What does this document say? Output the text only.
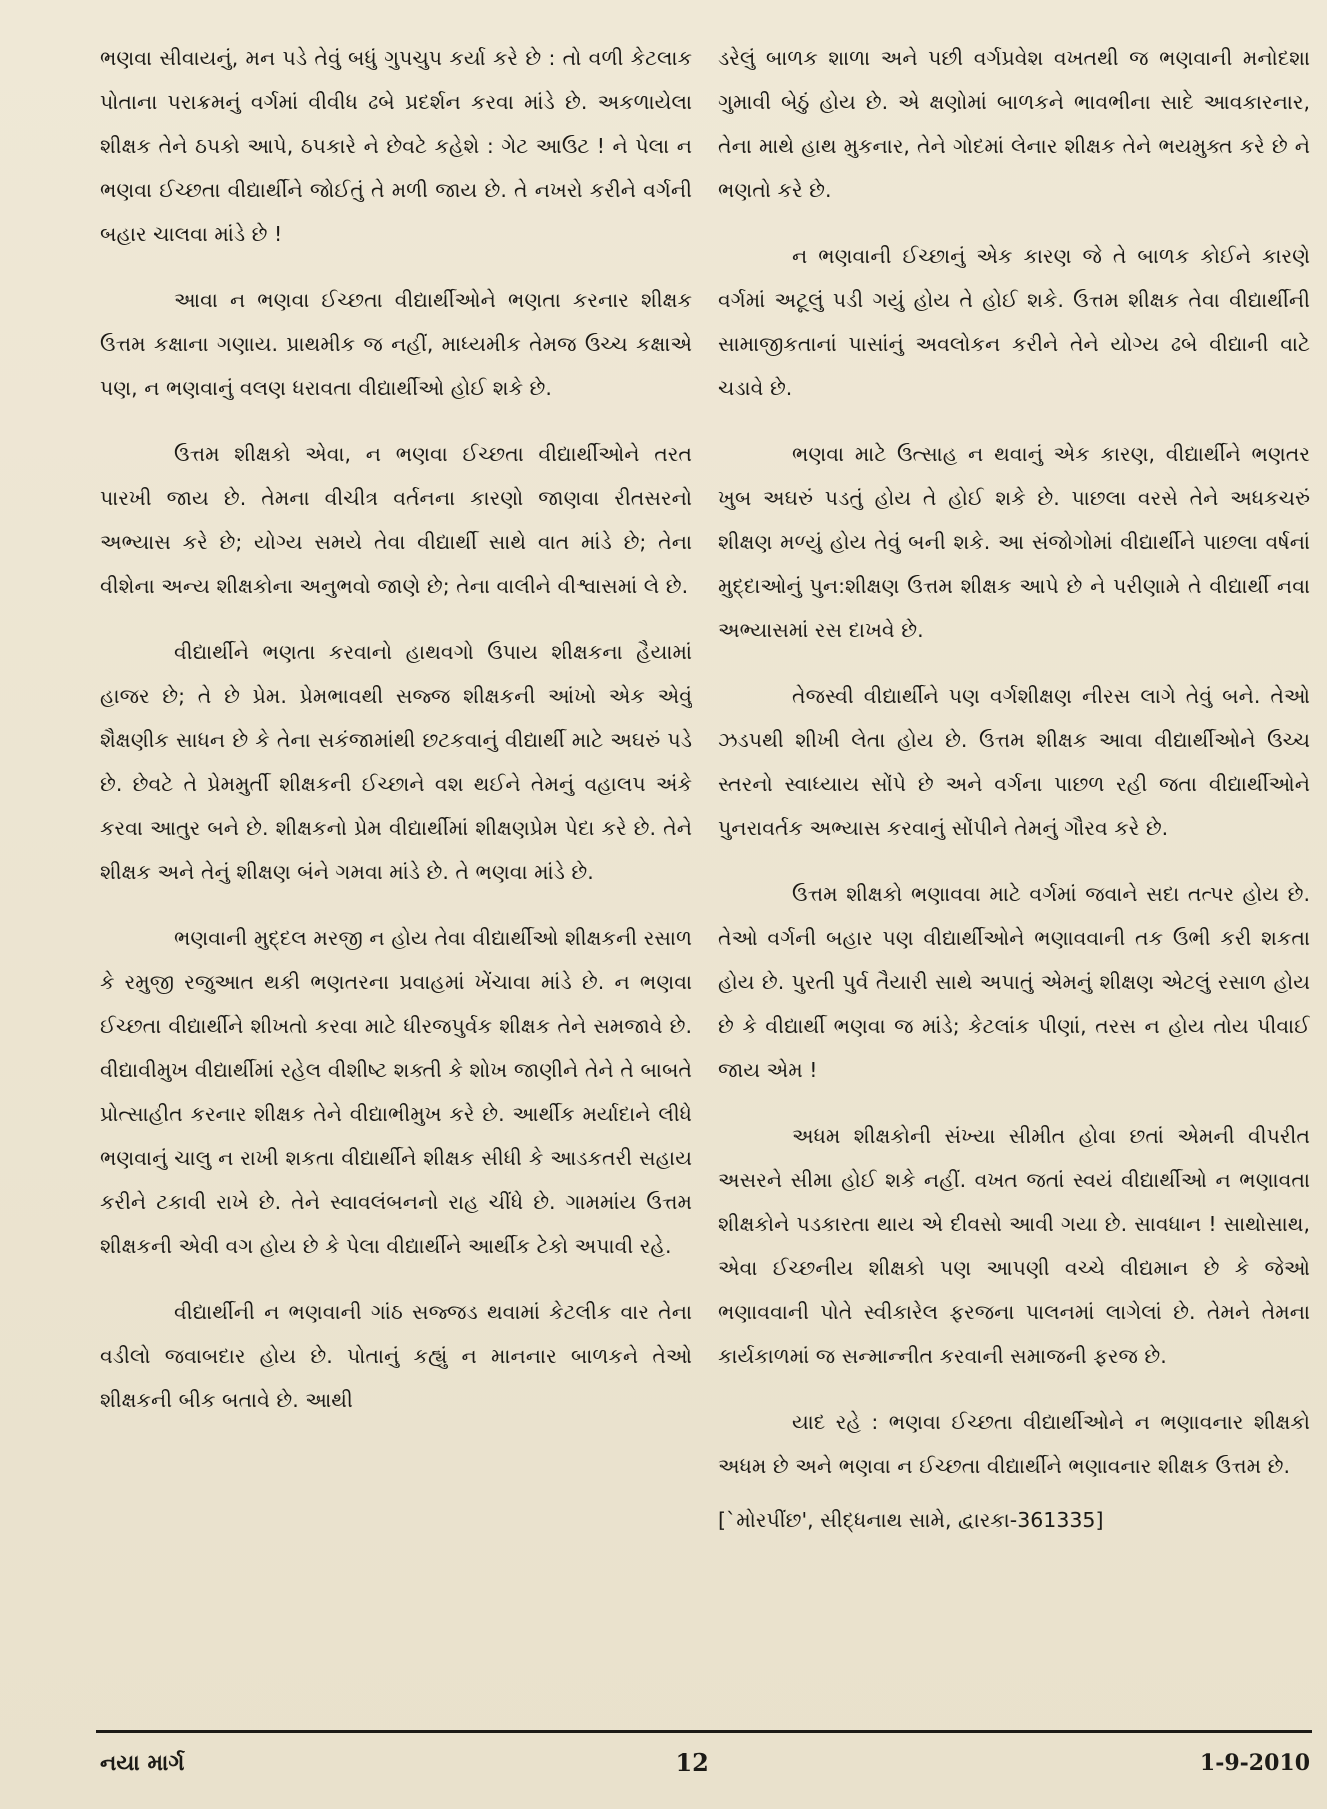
ભણવા સીવાયનું, મન પડે તેવું બધું ગુપચુપ કર્યા કરે છે : તો વળી કેટલાક પોતાના પરાક્રમનું વર્ગમાં વીવીધ ઢબે પ્રદર્શન કરવા માંડે છે. અકળાયેલા શીક્ષક તેને ઠપકો આપે, ઠપકારે ને છેવટે કહેશે : ગેટ આઉટ ! ને પેલા ન ભણવા ઈચ્છતા વીદ્યાર્થીને જોઈતું તે મળી જાય છે. તે નખરો કરીને વર્ગની બહાર ચાલવા માંડે છે !

આવા ન ભણવા ઈચ્છતા વીદ્યાર્થીઓને ભણતા કરનાર શીક્ષક ઉત્તમ કક્ષાના ગણાય. પ્રાથમીક જ નહીં, માધ્યમીક તેમજ ઉચ્ચ કક્ષાએ પણ, ન ભણવાનું વલણ ધરાવતા વીદ્યાર્થીઓ હોઈ શકે છે.

ઉત્તમ શીક્ષકો એવા, ન ભણવા ઈચ્છતા વીદ્યાર્થીઓને તરત પારખી જાય છે. તેમના વીચીત્ર વર્તનના કારણો જાણવા રીતસરનો અભ્યાસ કરે છે; યોગ્ય સમયે તેવા વીદ્યાર્થી સાથે વાત માંડે છે; તેના વીશેના અન્ય શીક્ષકોના અનુભવો જાણે છે; તેના વાલીને વીશ્વાસમાં લે છે.

વીદ્યાર્થીને ભણતા કરવાનો હાથવગો ઉપાય શીક્ષકના હૈયામાં હાજર છે; તે છે પ્રેમ. પ્રેમભાવથી સજ્જ શીક્ષકની આંખો એક એવું શૈક્ષણીક સાધન છે કે તેના સકંજામાંથી છટકવાનું વીદ્યાર્થી માટે અઘરું પડે છે. છેવટે તે પ્રેમમુર્તી શીક્ષકની ઈચ્છાને વશ થઈને તેમનું વહાલપ અંકે કરવા આતુર બને છે. શીક્ષકનો પ્રેમ વીદ્યાર્થીમાં શીક્ષણપ્રેમ પેદા કરે છે. તેને શીક્ષક અને તેનું શીક્ષણ બંને ગમવા માંડે છે. તે ભણવા માંડે છે.

ભણવાની મુદ્દલ મરજી ન હોય તેવા વીદ્યાર્થીઓ શીક્ષકની રસાળ કે રમુજી રજુઆત થકી ભણતરના પ્રવાહમાં ખેંચાવા માંડે છે. ન ભણવા ઈચ્છતા વીદ્યાર્થીને શીખતો કરવા માટે ધીરજપુર્વક શીક્ષક તેને સમજાવે છે. વીદ્યાવીમુખ વીદ્યાર્થીમાં રહેલ વીશીષ્ટ શક્તી કે શોખ જાણીને તેને તે બાબતે પ્રોત્સાહીત કરનાર શીક્ષક તેને વીદ્યાભીમુખ કરે છે. આર્થીક મર્યાદાને લીધે ભણવાનું ચાલુ ન રાખી શકતા વીદ્યાર્થીને શીક્ષક સીધી કે આડકતરી સહાય કરીને ટકાવી રાખે છે. તેને સ્વાવલંબનનો રાહ ચીંધે છે. ગામમાંય ઉત્તમ શીક્ષકની એવી વગ હોય છે કે પેલા વીદ્યાર્થીને આર્થીક ટેકો અપાવી રહે.

વીદ્યાર્થીની ન ભણવાની ગાંઠ સજ્જડ થવામાં કેટલીક વાર તેના વડીલો જવાબદાર હોય છે. પોતાનું કહ્યું ન માનનાર બાળકને તેઓ શીક્ષકની બીક બતાવે છે. આથી

ડરેલું બાળક શાળા અને પછી વર્ગપ્રવેશ વખતથી જ ભણવાની મનોદશા ગુમાવી બેઠું હોય છે. એ ક્ષણોમાં બાળકને ભાવભીના સાદે આવકારનાર, તેના માથે હાથ મુકનાર, તેને ગોદમાં લેનાર શીક્ષક તેને ભયમુક્ત કરે છે ને ભણતો કરે છે.

ન ભણવાની ઈચ્છાનું એક કારણ જે તે બાળક કોઈને કારણે વર્ગમાં અટૂલું પડી ગયું હોય તે હોઈ શકે. ઉત્તમ શીક્ષક તેવા વીદ્યાર્થીની સામાજીકતાનાં પાસાંનું અવલોકન કરીને તેને યોગ્ય ઢબે વીદ્યાની વાટે ચડાવે છે.

ભણવા માટે ઉત્સાહ ન થવાનું એક કારણ, વીદ્યાર્થીને ભણતર ખુબ અઘરું પડતું હોય તે હોઈ શકે છે. પાછલા વરસે તેને અધકચરું શીક્ષણ મળ્યું હોય તેવું બની શકે. આ સંજોગોમાં વીદ્યાર્થીને પાછલા વર્ષનાં મુદ્દાઓનું પુન:શીક્ષણ ઉત્તમ શીક્ષક આપે છે ને પરીણામે તે વીદ્યાર્થી નવા અભ્યાસમાં રસ દાખવે છે.

તેજસ્વી વીદ્યાર્થીને પણ વર્ગશીક્ષણ નીરસ લાગે તેવું બને. તેઓ ઝડપથી શીખી લેતા હોય છે. ઉત્તમ શીક્ષક આવા વીદ્યાર્થીઓને ઉચ્ચ સ્તરનો સ્વાધ્યાય સોંપે છે અને વર્ગના પાછળ રહી જતા વીદ્યાર્થીઓને પુનરાવર્તક અભ્યાસ કરવાનું સોંપીને તેમનું ગૌરવ કરે છે.

ઉત્તમ શીક્ષકો ભણાવવા માટે વર્ગમાં જવાને સદા તત્પર હોય છે. તેઓ વર્ગની બહાર પણ વીદ્યાર્થીઓને ભણાવવાની તક ઉભી કરી શકતા હોય છે. પુરતી પુર્વ તૈયારી સાથે અપાતું એમનું શીક્ષણ એટલું રસાળ હોય છે કે વીદ્યાર્થી ભણવા જ માંડે; કેટલાંક પીણાં, તરસ ન હોય તોય પીવાઈ જાય એમ !

અધમ શીક્ષકોની સંખ્યા સીમીત હોવા છતાં એમની વીપરીત અસરને સીમા હોઈ શકે નહીં. વખત જતાં સ્વયં વીદ્યાર્થીઓ ન ભણાવતા શીક્ષકોને પડકારતા થાય એ દીવસો આવી ગયા છે. સાવધાન ! સાથોસાથ, એવા ઈચ્છનીય શીક્ષકો પણ આપણી વચ્ચે વીદ્યમાન છે કે જેઓ ભણાવવાની પોતે સ્વીકારેલ ફરજના પાલનમાં લાગેલાં છે. તેમને તેમના કાર્યકાળમાં જ સન્માન્નીત કરવાની સમાજની ફરજ છે.

યાદ રહે : ભણવા ઈચ્છતા વીદ્યાર્થીઓને ન ભણાવનાર શીક્ષકો અધમ છે અને ભણવા ન ઈચ્છતા વીદ્યાર્થીને ભણાવનાર શીક્ષક ઉત્તમ છે.

[`મોરપીંછ', સીદ્ધનાથ સામે, દ્વારકા-361335]

નયા માર્ગ	12	1-9-2010
